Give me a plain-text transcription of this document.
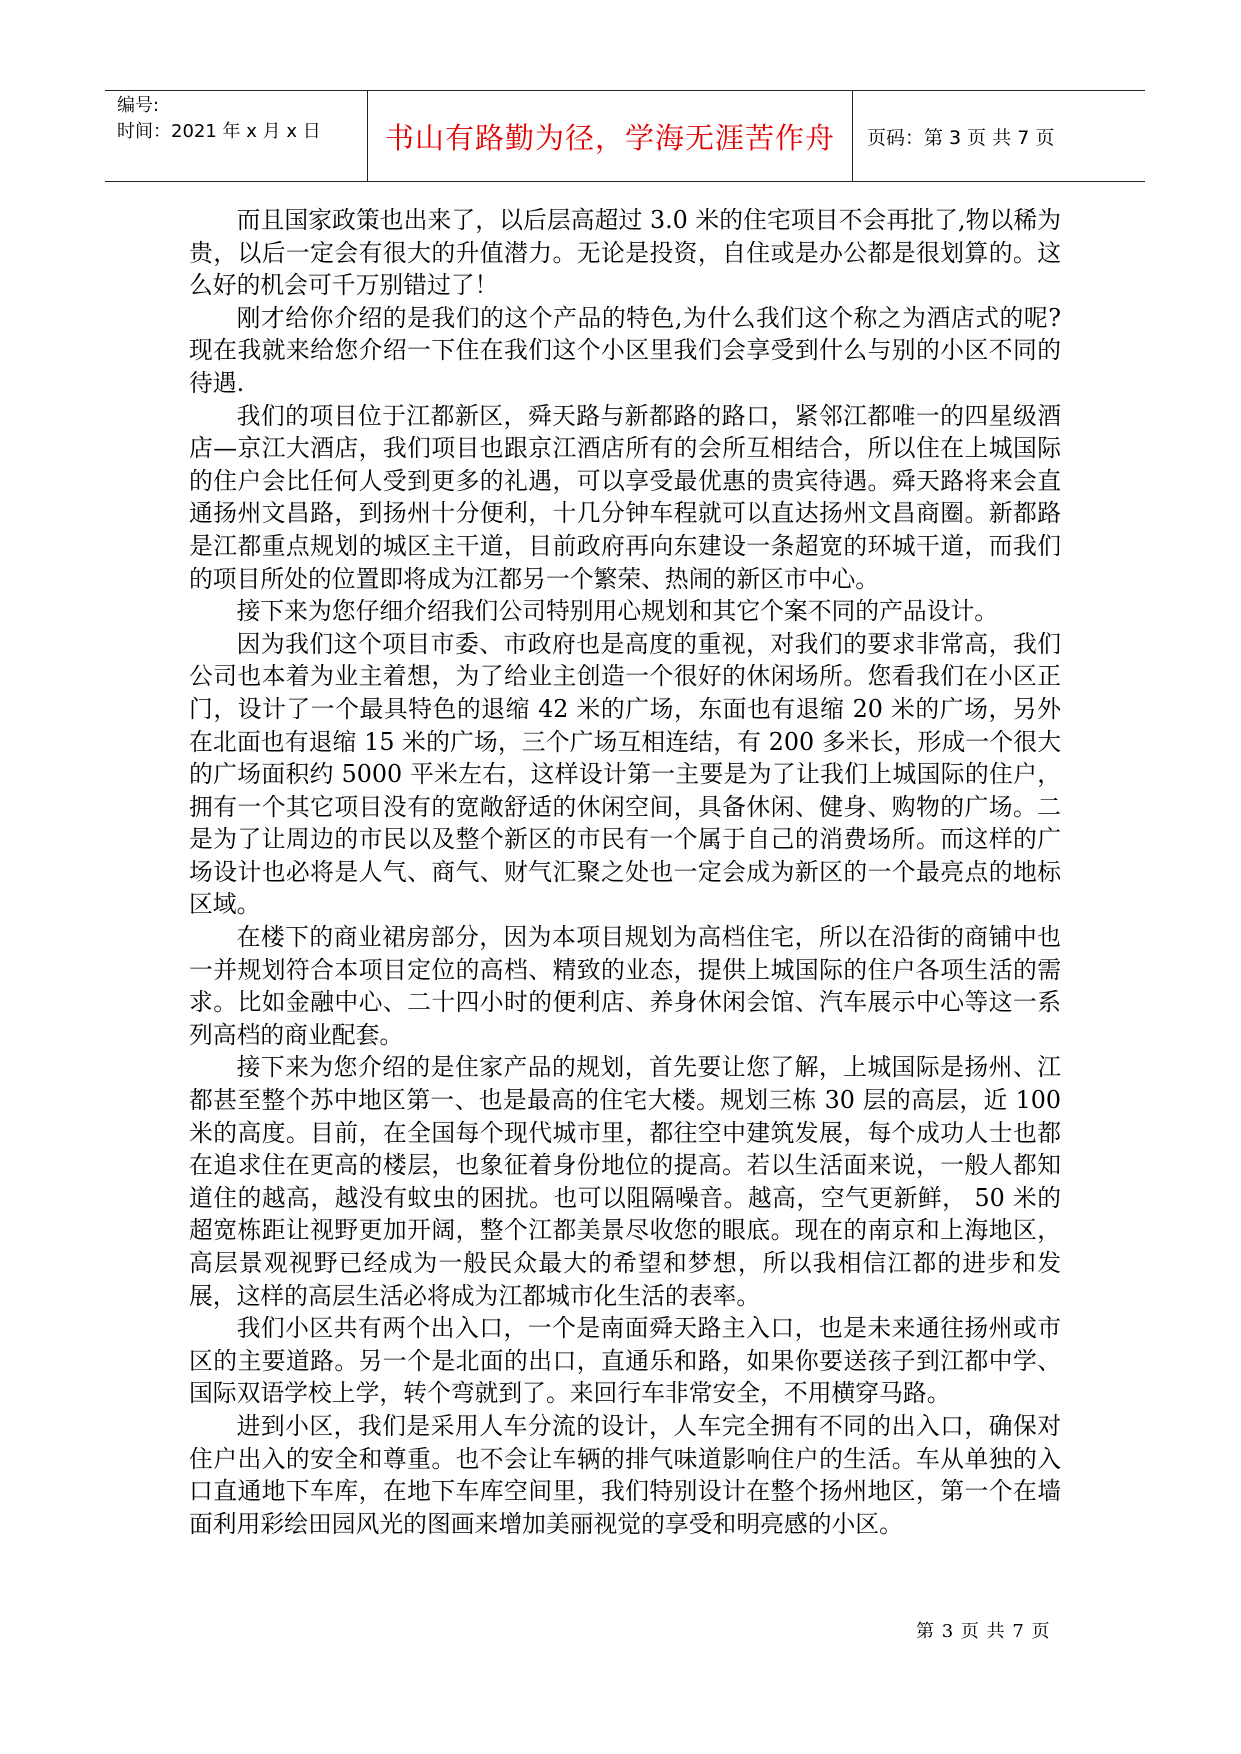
编号:
时间：2021 年 x 月 x 日	书山有路勤为径，学海无涯苦作舟 页码：第 3 页 共 7 页

而且国家政策也出来了，以后层高超过 3.0 米的住宅项目不会再批了,物以稀为贵，以后一定会有很大的升值潜力。无论是投资，自住或是办公都是很划算的。这么好的机会可千万别错过了！

刚才给你介绍的是我们的这个产品的特色,为什么我们这个称之为酒店式的呢?现在我就来给您介绍一下住在我们这个小区里我们会享受到什么与别的小区不同的待遇.

我们的项目位于江都新区，舜天路与新都路的路口，紧邻江都唯一的四星级酒店—京江大酒店，我们项目也跟京江酒店所有的会所互相结合，所以住在上城国际的住户会比任何人受到更多的礼遇，可以享受最优惠的贵宾待遇。舜天路将来会直通扬州文昌路，到扬州十分便利，十几分钟车程就可以直达扬州文昌商圈。新都路是江都重点规划的城区主干道，目前政府再向东建设一条超宽的环城干道，而我们的项目所处的位置即将成为江都另一个繁荣、热闹的新区市中心。

接下来为您仔细介绍我们公司特别用心规划和其它个案不同的产品设计。

因为我们这个项目市委、市政府也是高度的重视，对我们的要求非常高，我们公司也本着为业主着想，为了给业主创造一个很好的休闲场所。您看我们在小区正门，设计了一个最具特色的退缩 42 米的广场，东面也有退缩 20 米的广场，另外在北面也有退缩 15 米的广场，三个广场互相连结，有 200 多米长，形成一个很大的广场面积约 5000 平米左右，这样设计第一主要是为了让我们上城国际的住户，拥有一个其它项目没有的宽敞舒适的休闲空间，具备休闲、健身、购物的广场。二是为了让周边的市民以及整个新区的市民有一个属于自己的消费场所。而这样的广场设计也必将是人气、商气、财气汇聚之处也一定会成为新区的一个最亮点的地标区域。

在楼下的商业裙房部分，因为本项目规划为高档住宅，所以在沿街的商铺中也一并规划符合本项目定位的高档、精致的业态，提供上城国际的住户各项生活的需求。比如金融中心、二十四小时的便利店、养身休闲会馆、汽车展示中心等这一系列高档的商业配套。

接下来为您介绍的是住家产品的规划，首先要让您了解，上城国际是扬州、江都甚至整个苏中地区第一、也是最高的住宅大楼。规划三栋 30 层的高层，近 100 米的高度。目前，在全国每个现代城市里，都往空中建筑发展，每个成功人士也都在追求住在更高的楼层，也象征着身份地位的提高。若以生活面来说，一般人都知道住的越高，越没有蚊虫的困扰。也可以阻隔噪音。越高，空气更新鲜， 50 米的超宽栋距让视野更加开阔，整个江都美景尽收您的眼底。现在的南京和上海地区，高层景观视野已经成为一般民众最大的希望和梦想，所以我相信江都的进步和发展，这样的高层生活必将成为江都城市化生活的表率。

我们小区共有两个出入口，一个是南面舜天路主入口，也是未来通往扬州或市区的主要道路。另一个是北面的出口，直通乐和路，如果你要送孩子到江都中学、国际双语学校上学，转个弯就到了。来回行车非常安全，不用横穿马路。

进到小区，我们是采用人车分流的设计，人车完全拥有不同的出入口，确保对住户出入的安全和尊重。也不会让车辆的排气味道影响住户的生活。车从单独的入口直通地下车库，在地下车库空间里，我们特别设计在整个扬州地区，第一个在墙面利用彩绘田园风光的图画来增加美丽视觉的享受和明亮感的小区。

第 3 页 共 7 页
